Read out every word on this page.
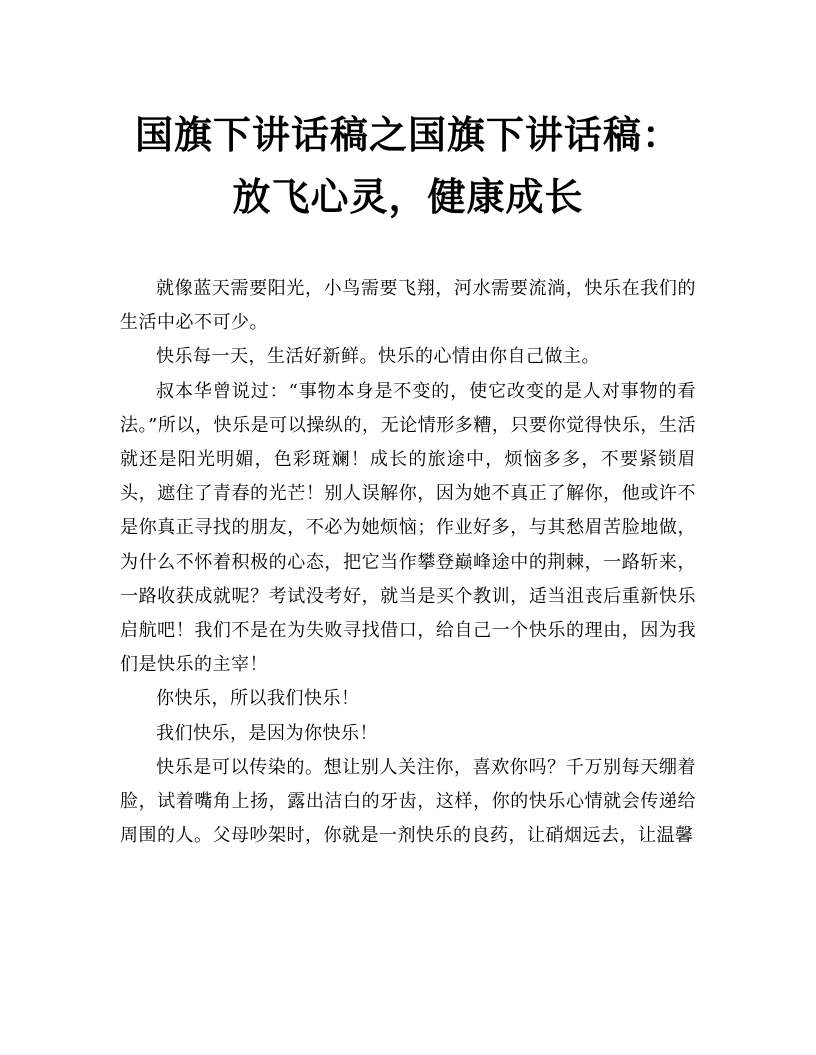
国旗下讲话稿之国旗下讲话稿：放飞心灵，健康成长

就像蓝天需要阳光，小鸟需要飞翔，河水需要流淌，快乐在我们的生活中必不可少。

快乐每一天，生活好新鲜。快乐的心情由你自己做主。

叔本华曾说过：“事物本身是不变的，使它改变的是人对事物的看法。”所以，快乐是可以操纵的，无论情形多糟，只要你觉得快乐，生活就还是阳光明媚，色彩斑斓！成长的旅途中，烦恼多多，不要紧锁眉头，遮住了青春的光芒！别人误解你，因为她不真正了解你，他或许不是你真正寻找的朋友，不必为她烦恼；作业好多，与其愁眉苦脸地做，为什么不怀着积极的心态，把它当作攀登巅峰途中的荆棘，一路斩来，一路收获成就呢？考试没考好，就当是买个教训，适当沮丧后重新快乐启航吧！我们不是在为失败寻找借口，给自己一个快乐的理由，因为我们是快乐的主宰！

你快乐，所以我们快乐！

我们快乐，是因为你快乐！

快乐是可以传染的。想让别人关注你，喜欢你吗？千万别每天绷着脸，试着嘴角上扬，露出洁白的牙齿，这样，你的快乐心情就会传递给周围的人。父母吵架时，你就是一剂快乐的良药，让硝烟远去，让温馨
